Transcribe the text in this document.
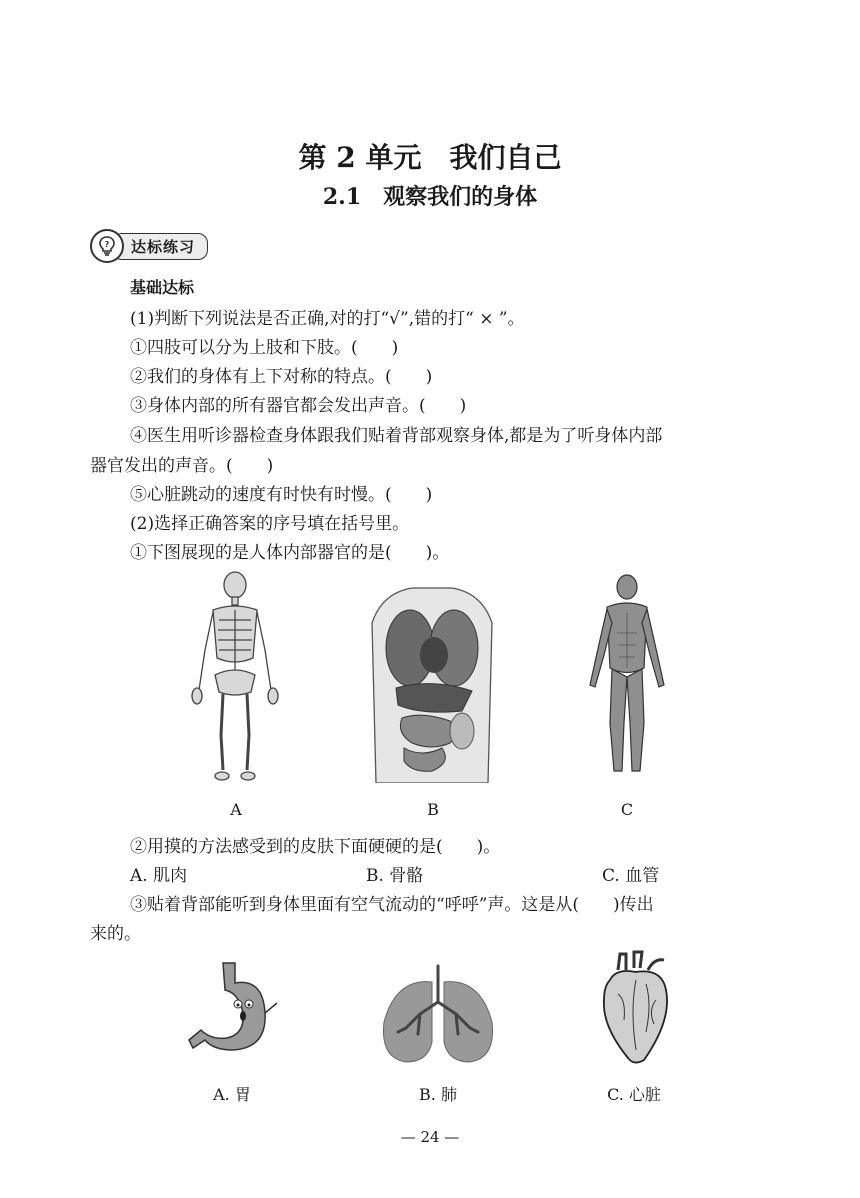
第 2 单元　我们自己
2.1　观察我们的身体
?	达标练习
基础达标
(1)判断下列说法是否正确,对的打“√”,错的打“ × ”。
①四肢可以分为上肢和下肢。(　　)
②我们的身体有上下对称的特点。(　　)
③身体内部的所有器官都会发出声音。(　　)
④医生用听诊器检查身体跟我们贴着背部观察身体,都是为了听身体内部
器官发出的声音。(　　)
⑤心脏跳动的速度有时快有时慢。(　　)
(2)选择正确答案的序号填在括号里。
①下图展现的是人体内部器官的是(　　)。
A	B	C
②用摸的方法感受到的皮肤下面硬硬的是(　　)。
A. 肌肉	B. 骨骼	C. 血管
③贴着背部能听到身体里面有空气流动的“呼呼”声。这是从(　　)传出
来的。
A. 胃	B. 肺	C. 心脏
— 24 —
